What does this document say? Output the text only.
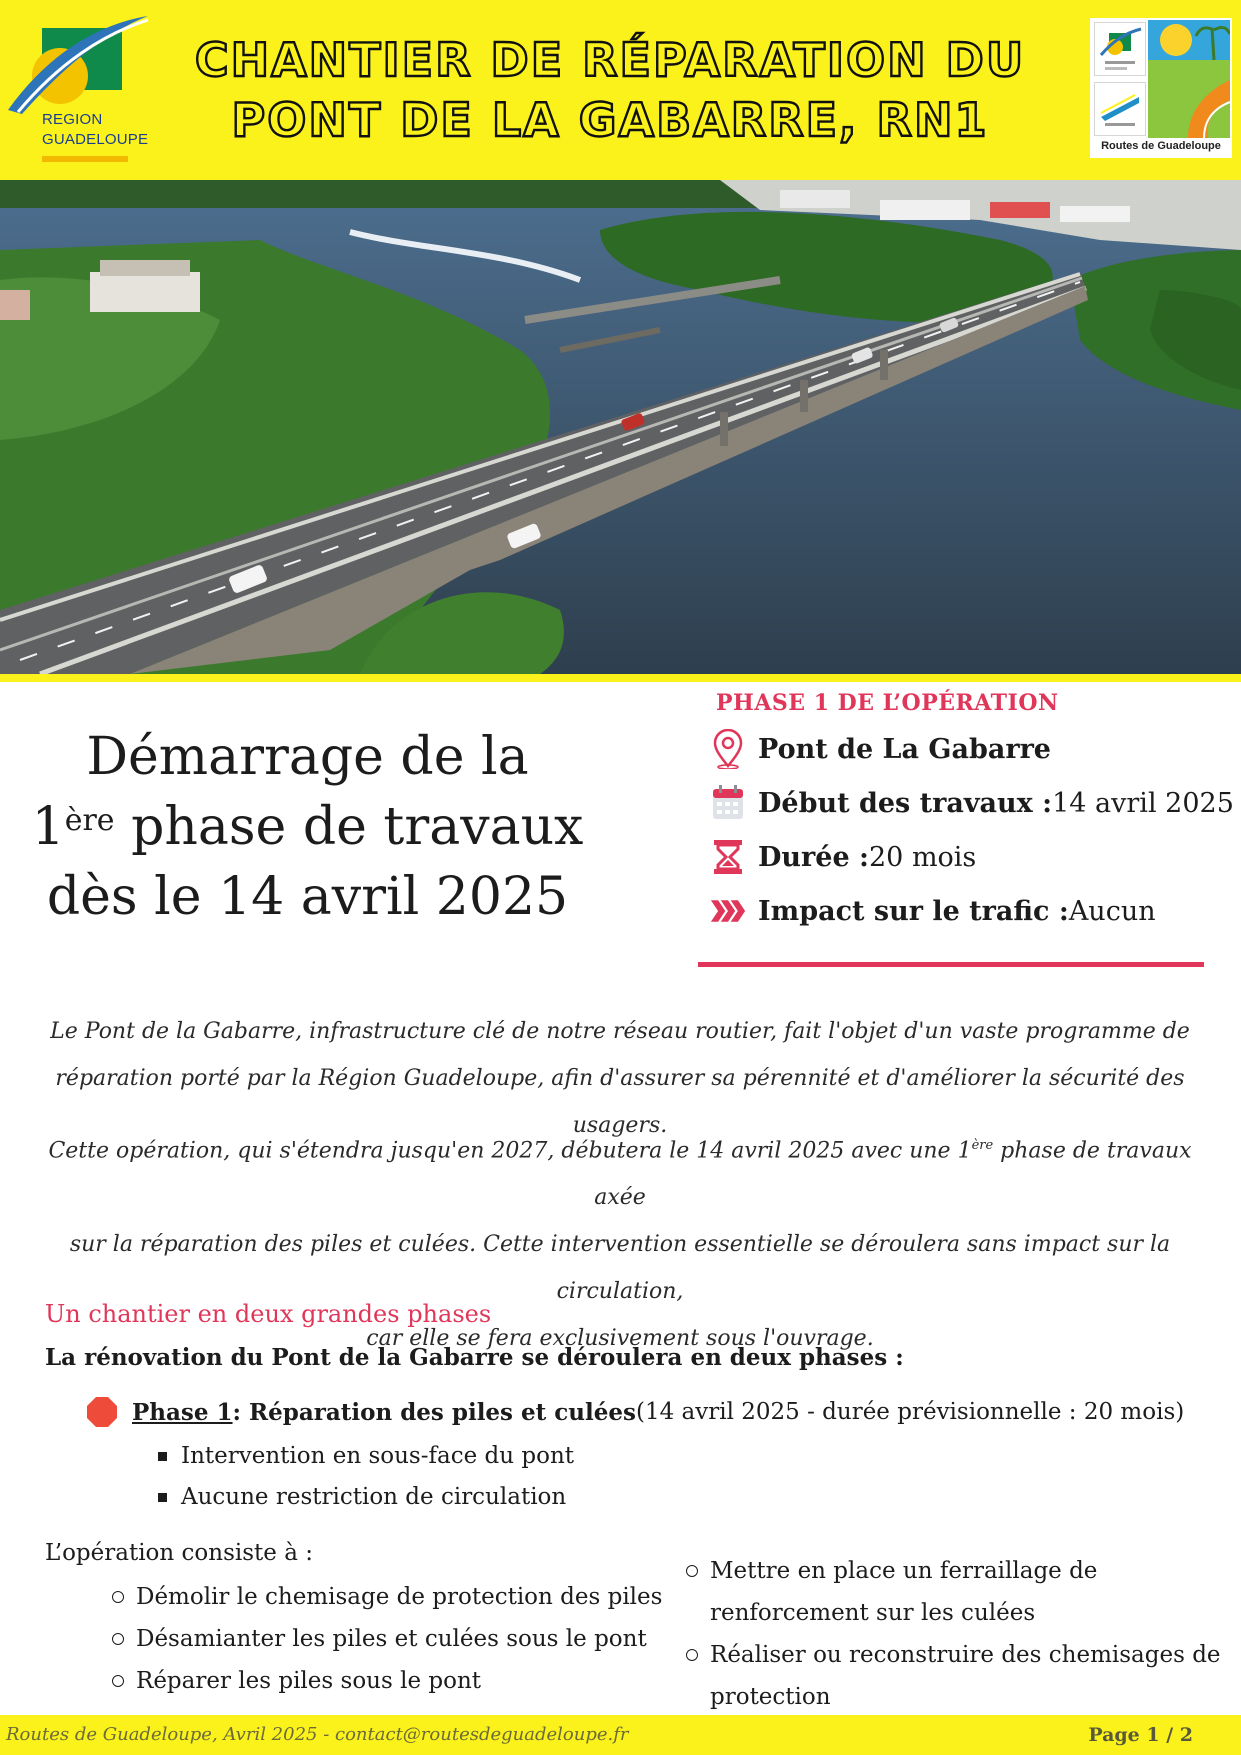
REGION
GUADELOUPE
CHANTIER DE RÉPARATION DU
PONT DE LA GABARRE, RN1	Routes de Guadeloupe
Démarrage de la
1ère phase de travaux
dès le 14 avril 2025
PHASE 1 DE L’OPÉRATION
Pont de La Gabarre
Début des travaux : 14 avril 2025
Durée : 20 mois
Impact sur le trafic : Aucun
Le Pont de la Gabarre, infrastructure clé de notre réseau routier, fait l'objet d'un vaste programme de
réparation porté par la Région Guadeloupe, afin d'assurer sa pérennité et d'améliorer la sécurité des usagers.
Cette opération, qui s'étendra jusqu'en 2027, débutera le 14 avril 2025 avec une 1ère phase de travaux axée
sur la réparation des piles et culées. Cette intervention essentielle se déroulera sans impact sur la circulation,
car elle se fera exclusivement sous l'ouvrage.
Un chantier en deux grandes phases
La rénovation du Pont de la Gabarre se déroulera en deux phases :
Phase 1 : Réparation des piles et culées (14 avril 2025 - durée prévisionnelle : 20 mois)
Intervention en sous-face du pont
Aucune restriction de circulation
L’opération consiste à :
Démolir le chemisage de protection des piles
Désamianter les piles et culées sous le pont
Réparer les piles sous le pont
Mettre en place un ferraillage de renforcement sur les culées
Réaliser ou reconstruire des chemisages de protection
Routes de Guadeloupe, Avril 2025 - contact@routesdeguadeloupe.fr	Page 1 / 2
